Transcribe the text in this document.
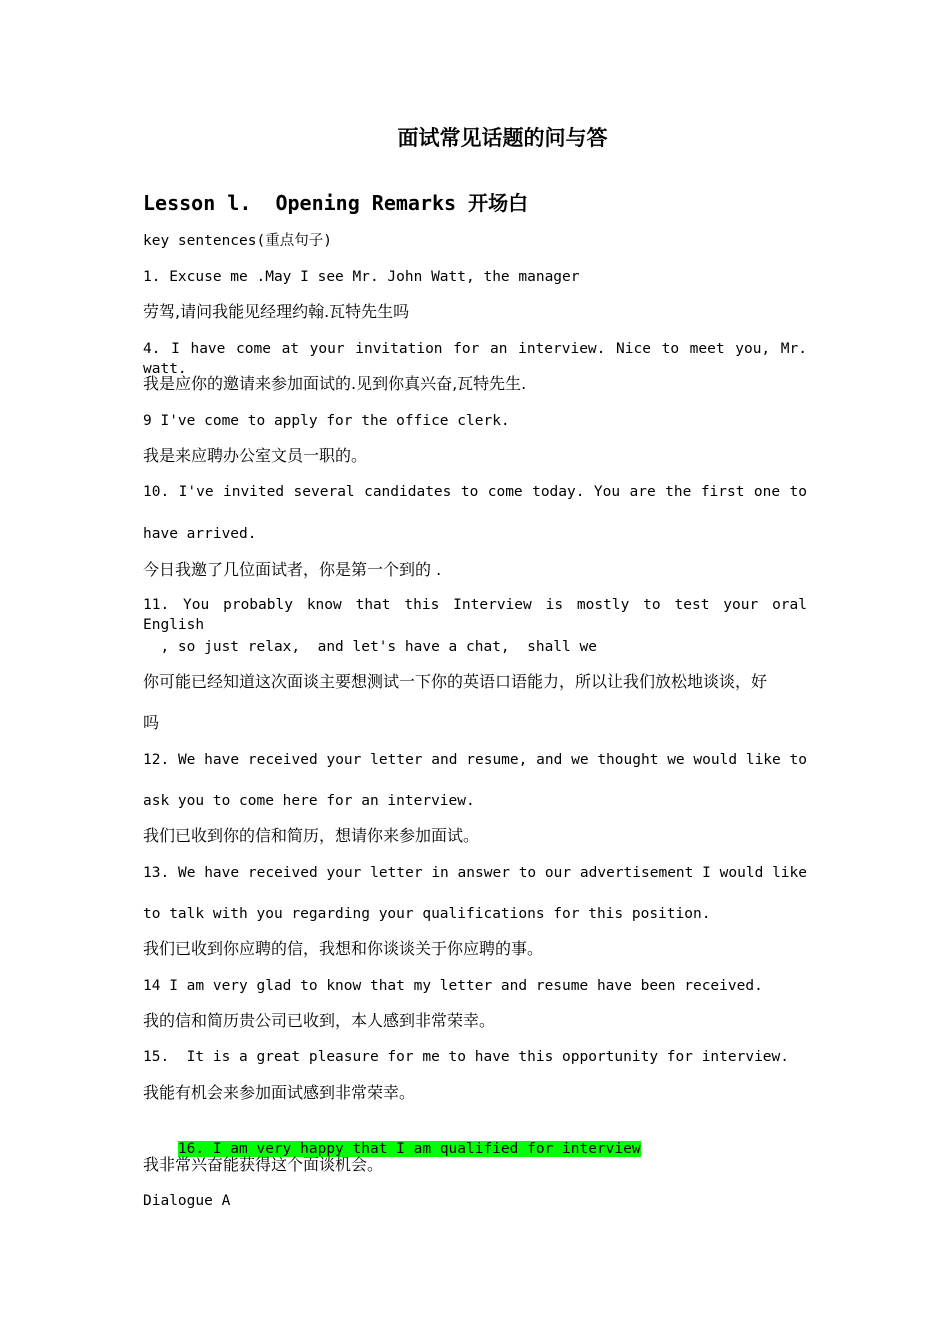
面试常见话题的问与答
Lesson l.  Opening Remarks 开场白
key sentences(重点句子)
1. Excuse me .May I see Mr. John Watt, the manager
劳驾,请问我能见经理约翰.瓦特先生吗
4. I have come at your invitation for an interview. Nice to meet you, Mr. watt.
我是应你的邀请来参加面试的.见到你真兴奋,瓦特先生.
9 I've come to apply for the office clerk.
我是来应聘办公室文员一职的。
10. I've invited several candidates to come today. You are the first one to
have arrived.
今日我邀了几位面试者，你是第一个到的 .
11. You probably know that this Interview is mostly to test your oral English
, so just relax,  and let's have a chat,  shall we
你可能已经知道这次面谈主要想测试一下你的英语口语能力，所以让我们放松地谈谈，好
吗
12. We have received your letter and resume, and we thought we would like to
ask you to come here for an interview.
我们已收到你的信和简历，想请你来参加面试。
13. We have received your letter in answer to our advertisement I would like
to talk with you regarding your qualifications for this position.
我们已收到你应聘的信，我想和你谈谈关于你应聘的事。
14 I am very glad to know that my letter and resume have been received.
我的信和简历贵公司已收到，本人感到非常荣幸。
15.  It is a great pleasure for me to have this opportunity for interview.
我能有机会来参加面试感到非常荣幸。

16. I am very happy that I am qualified for interview

我非常兴奋能获得这个面谈机会。
Dialogue A
